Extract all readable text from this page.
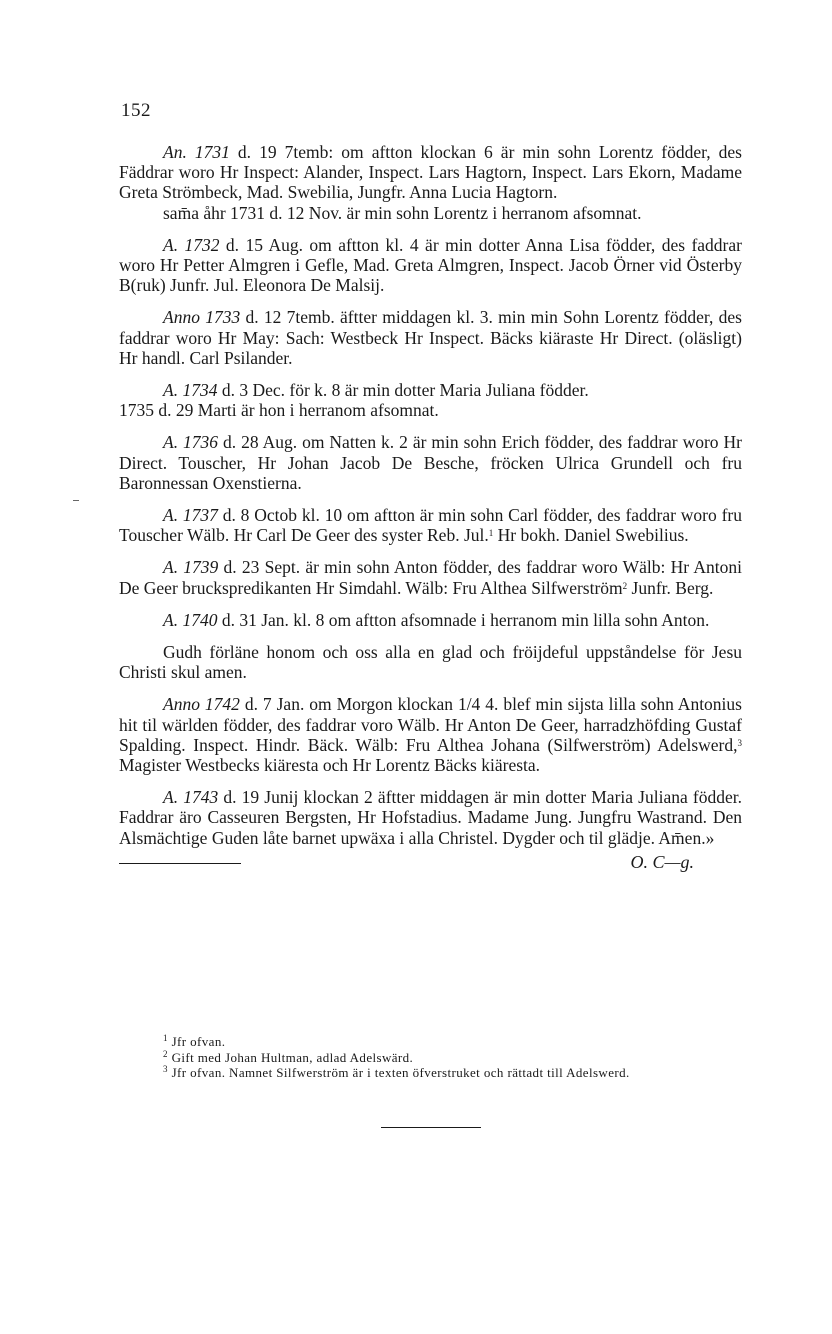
152

An. 1731 d. 19 7temb: om aftton klockan 6 är min sohn Lorentz födder, des Fäddrar woro Hr Inspect: Alander, Inspect. Lars Hagtorn, Inspect. Lars Ekorn, Madame Greta Strömbeck, Mad. Swebilia, Jungfr. Anna Lucia Hagtorn.

sam̄a åhr 1731 d. 12 Nov. är min sohn Lorentz i herranom afsomnat.

A. 1732 d. 15 Aug. om aftton kl. 4 är min dotter Anna Lisa födder, des faddrar woro Hr Petter Almgren i Gefle, Mad. Greta Almgren, Inspect. Jacob Örner vid Österby B(ruk) Junfr. Jul. Eleonora De Malsij.

Anno 1733 d. 12 7temb. äftter middagen kl. 3. min min Sohn Lorentz födder, des faddrar woro Hr May: Sach: Westbeck Hr Inspect. Bäcks kiäraste Hr Direct. (oläsligt) Hr handl. Carl Psilander.

A. 1734 d. 3 Dec. för k. 8 är min dotter Maria Juliana födder.

1735 d. 29 Marti är hon i herranom afsomnat.

A. 1736 d. 28 Aug. om Natten k. 2 är min sohn Erich födder, des faddrar woro Hr Direct. Touscher, Hr Johan Jacob De Besche, fröcken Ulrica Grundell och fru Baronnessan Oxenstierna.

A. 1737 d. 8 Octob kl. 10 om aftton är min sohn Carl födder, des faddrar woro fru Touscher Wälb. Hr Carl De Geer des syster Reb. Jul.$^1$ Hr bokh. Daniel Swebilius.

A. 1739 d. 23 Sept. är min sohn Anton födder, des faddrar woro Wälb: Hr Antoni De Geer bruckspredikanten Hr Simdahl. Wälb: Fru Althea Silfwerström$^2$ Junfr. Berg.

A. 1740 d. 31 Jan. kl. 8 om aftton afsomnade i herranom min lilla sohn Anton.

Gudh förläne honom och oss alla en glad och fröijdeful uppståndelse för Jesu Christi skul amen.

Anno 1742 d. 7 Jan. om Morgon klockan 1/4 4. blef min sijsta lilla sohn Antonius hit til wärlden födder, des faddrar voro Wälb. Hr Anton De Geer, harradzhöfding Gustaf Spalding. Inspect. Hindr. Bäck. Wälb: Fru Althea Johana (Silfwerström) Adelswerd,$^3$ Magister Westbecks kiäresta och Hr Lorentz Bäcks kiäresta.

A. 1743 d. 19 Junij klockan 2 äftter middagen är min dotter Maria Juliana födder. Faddrar äro Casseuren Bergsten, Hr Hofstadius. Madame Jung. Jungfru Wastrand. Den Alsmächtige Guden låte barnet upwäxa i alla Christel. Dygder och til glädje. Am̄en.»

O. C—g.

$^1$ Jfr ofvan.

$^2$ Gift med Johan Hultman, adlad Adelswärd.

$^3$ Jfr ofvan. Namnet Silfwerström är i texten öfverstruket och rättadt till Adelswerd.
